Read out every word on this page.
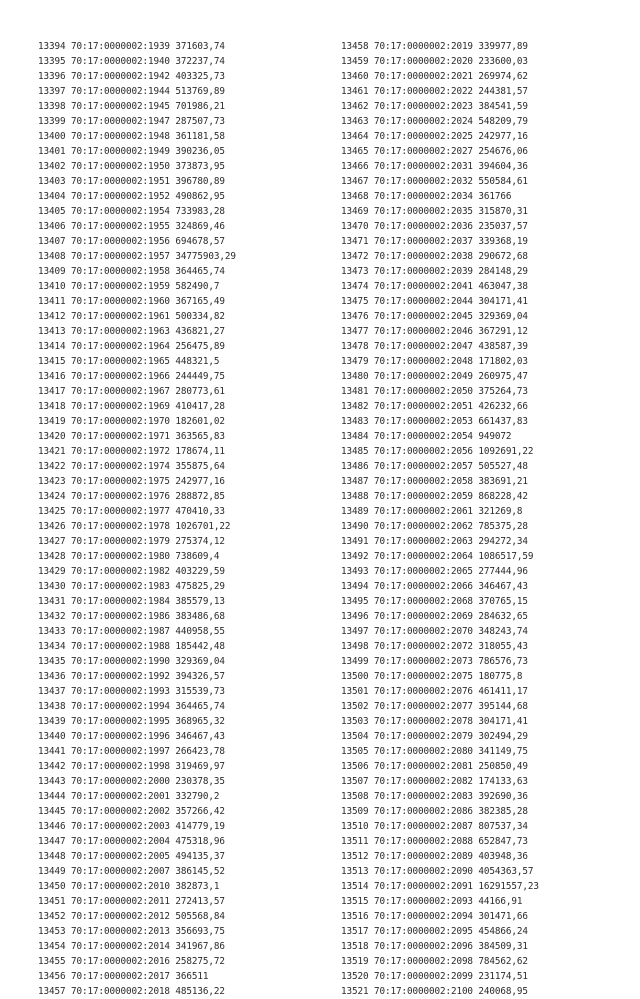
13394 70:17:0000002:1939 371603,74
13395 70:17:0000002:1940 372237,74
13396 70:17:0000002:1942 403325,73
13397 70:17:0000002:1944 513769,89
13398 70:17:0000002:1945 701986,21
13399 70:17:0000002:1947 287507,73
13400 70:17:0000002:1948 361181,58
13401 70:17:0000002:1949 390236,05
13402 70:17:0000002:1950 373873,95
13403 70:17:0000002:1951 396780,89
13404 70:17:0000002:1952 490862,95
13405 70:17:0000002:1954 733983,28
13406 70:17:0000002:1955 324869,46
13407 70:17:0000002:1956 694678,57
13408 70:17:0000002:1957 34775903,29
13409 70:17:0000002:1958 364465,74
13410 70:17:0000002:1959 582490,7
13411 70:17:0000002:1960 367165,49
13412 70:17:0000002:1961 500334,82
13413 70:17:0000002:1963 436821,27
13414 70:17:0000002:1964 256475,89
13415 70:17:0000002:1965 448321,5
13416 70:17:0000002:1966 244449,75
13417 70:17:0000002:1967 280773,61
13418 70:17:0000002:1969 410417,28
13419 70:17:0000002:1970 182601,02
13420 70:17:0000002:1971 363565,83
13421 70:17:0000002:1972 178674,11
13422 70:17:0000002:1974 355875,64
13423 70:17:0000002:1975 242977,16
13424 70:17:0000002:1976 288872,85
13425 70:17:0000002:1977 470410,33
13426 70:17:0000002:1978 1026701,22
13427 70:17:0000002:1979 275374,12
13428 70:17:0000002:1980 738609,4
13429 70:17:0000002:1982 403229,59
13430 70:17:0000002:1983 475825,29
13431 70:17:0000002:1984 385579,13
13432 70:17:0000002:1986 383486,68
13433 70:17:0000002:1987 440958,55
13434 70:17:0000002:1988 185442,48
13435 70:17:0000002:1990 329369,04
13436 70:17:0000002:1992 394326,57
13437 70:17:0000002:1993 315539,73
13438 70:17:0000002:1994 364465,74
13439 70:17:0000002:1995 368965,32
13440 70:17:0000002:1996 346467,43
13441 70:17:0000002:1997 266423,78
13442 70:17:0000002:1998 319469,97
13443 70:17:0000002:2000 230378,35
13444 70:17:0000002:2001 332790,2
13445 70:17:0000002:2002 357266,42
13446 70:17:0000002:2003 414779,19
13447 70:17:0000002:2004 475318,96
13448 70:17:0000002:2005 494135,37
13449 70:17:0000002:2007 386145,52
13450 70:17:0000002:2010 382873,1
13451 70:17:0000002:2011 272413,57
13452 70:17:0000002:2012 505568,84
13453 70:17:0000002:2013 356693,75
13454 70:17:0000002:2014 341967,86
13455 70:17:0000002:2016 258275,72
13456 70:17:0000002:2017 366511
13457 70:17:0000002:2018 485136,22
13458 70:17:0000002:2019 339977,89
13459 70:17:0000002:2020 233600,03
13460 70:17:0000002:2021 269974,62
13461 70:17:0000002:2022 244381,57
13462 70:17:0000002:2023 384541,59
13463 70:17:0000002:2024 548209,79
13464 70:17:0000002:2025 242977,16
13465 70:17:0000002:2027 254676,06
13466 70:17:0000002:2031 394604,36
13467 70:17:0000002:2032 550584,61
13468 70:17:0000002:2034 361766
13469 70:17:0000002:2035 315870,31
13470 70:17:0000002:2036 235037,57
13471 70:17:0000002:2037 339368,19
13472 70:17:0000002:2038 290672,68
13473 70:17:0000002:2039 284148,29
13474 70:17:0000002:2041 463047,38
13475 70:17:0000002:2044 304171,41
13476 70:17:0000002:2045 329369,04
13477 70:17:0000002:2046 367291,12
13478 70:17:0000002:2047 438587,39
13479 70:17:0000002:2048 171802,03
13480 70:17:0000002:2049 260975,47
13481 70:17:0000002:2050 375264,73
13482 70:17:0000002:2051 426232,66
13483 70:17:0000002:2053 661437,83
13484 70:17:0000002:2054 949072
13485 70:17:0000002:2056 1092691,22
13486 70:17:0000002:2057 505527,48
13487 70:17:0000002:2058 383691,21
13488 70:17:0000002:2059 868228,42
13489 70:17:0000002:2061 321269,8
13490 70:17:0000002:2062 785375,28
13491 70:17:0000002:2063 294272,34
13492 70:17:0000002:2064 1086517,59
13493 70:17:0000002:2065 277444,96
13494 70:17:0000002:2066 346467,43
13495 70:17:0000002:2068 370765,15
13496 70:17:0000002:2069 284632,65
13497 70:17:0000002:2070 348243,74
13498 70:17:0000002:2072 318055,43
13499 70:17:0000002:2073 786576,73
13500 70:17:0000002:2075 180775,8
13501 70:17:0000002:2076 461411,17
13502 70:17:0000002:2077 395144,68
13503 70:17:0000002:2078 304171,41
13504 70:17:0000002:2079 302494,29
13505 70:17:0000002:2080 341149,75
13506 70:17:0000002:2081 250850,49
13507 70:17:0000002:2082 174133,63
13508 70:17:0000002:2083 392690,36
13509 70:17:0000002:2086 382385,28
13510 70:17:0000002:2087 807537,34
13511 70:17:0000002:2088 652847,73
13512 70:17:0000002:2089 403948,36
13513 70:17:0000002:2090 4054363,57
13514 70:17:0000002:2091 16291557,23
13515 70:17:0000002:2093 44166,91
13516 70:17:0000002:2094 301471,66
13517 70:17:0000002:2095 454866,24
13518 70:17:0000002:2096 384509,31
13519 70:17:0000002:2098 784562,62
13520 70:17:0000002:2099 231174,51
13521 70:17:0000002:2100 240068,95
